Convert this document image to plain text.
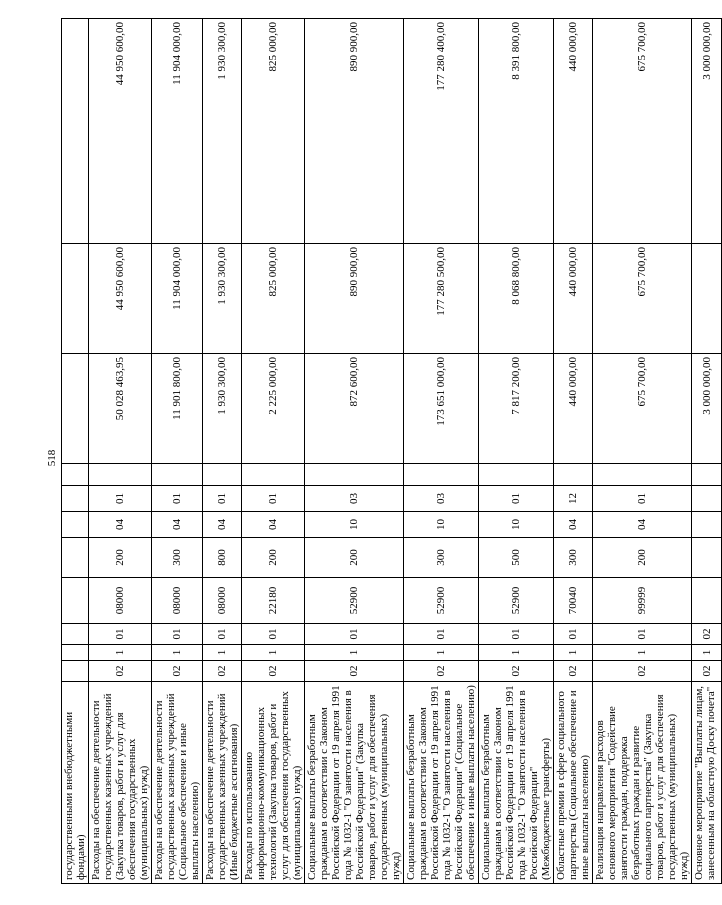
518
государственными внебюджетными фондами)											
Расходы на обеспечение деятельности государственных казенных учреждений (Закупка товаров, работ и услуг для обеспечения государственных (муниципальных) нужд)	02	1	01	08000	200	04	01		50 028 463,95	44 950 600,00	44 950 600,00
Расходы на обеспечение деятельности государственных казенных учреждений (Социальное обеспечение и иные выплаты населению)	02	1	01	08000	300	04	01		11 901 800,00	11 904 000,00	11 904 000,00
Расходы на обеспечение деятельности государственных казенных учреждений (Иные бюджетные ассигнования)	02	1	01	08000	800	04	01		1 930 300,00	1 930 300,00	1 930 300,00
Расходы по использованию информационно-коммуникационных технологий (Закупка товаров, работ и услуг для обеспечения государственных (муниципальных) нужд)	02	1	01	22180	200	04	01		2 225 000,00	825 000,00	825 000,00
Социальные выплаты безработным гражданам в соответствии с Законом Российской Федерации от 19 апреля 1991 года № 1032-1 "О занятости населения в Российской Федерации" (Закупка товаров, работ и услуг для обеспечения государственных (муниципальных) нужд)	02	1	01	52900	200	10	03		872 600,00	890 900,00	890 900,00
Социальные выплаты безработным гражданам в соответствии с Законом Российской Федерации от 19 апреля 1991 года № 1032-1 "О занятости населения в Российской Федерации" (Социальное обеспечение и иные выплаты населению)	02	1	01	52900	300	10	03		173 651 000,00	177 280 500,00	177 280 400,00
Социальные выплаты безработным гражданам в соответствии с Законом Российской Федерации от 19 апреля 1991 года № 1032-1 "О занятости населения в Российской Федерации" (Межбюджетные трансферты)	02	1	01	52900	500	10	01		7 817 200,00	8 068 800,00	8 391 800,00
Областные премии в сфере социального партнерства (Социальное обеспечение и иные выплаты населению)	02	1	01	70040	300	04	12		440 000,00	440 000,00	440 000,00
Реализация направления расходов основного мероприятия "Содействие занятости граждан, поддержка безработных граждан и развитие социального партнерства" (Закупка товаров, работ и услуг для обеспечения государственных (муниципальных) нужд)	02	1	01	99999	200	04	01		675 700,00	675 700,00	675 700,00
Основное мероприятие "Выплаты лицам, занесенным на областную Доску почета"	02	1	02						3 000 000,00		3 000 000,00
